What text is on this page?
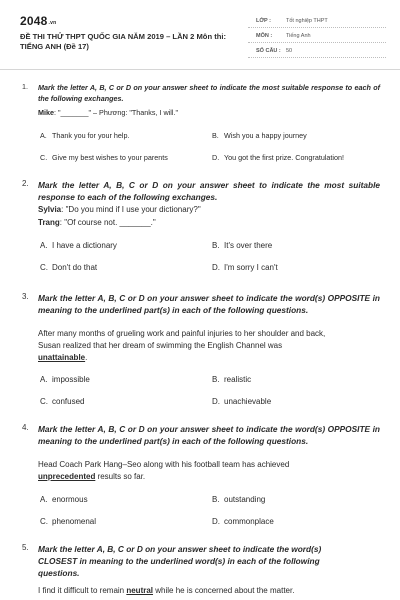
2048.vn
ĐỀ THI THỬ THPT QUỐC GIA NĂM 2019 – LẦN 2 Môn thi:
TIẾNG ANH (Đề 17)
LỚP :	Tốt nghiệp THPT
MÔN :	Tiếng Anh
SỐ CÂU : 50
1. Mark the letter A, B, C or D on your answer sheet to indicate the most suitable response to each of the following exchanges.
Mike: "_______" – Phương: "Thanks, I will."
A. Thank you for your help.	B. Wish you a happy journey
C. Give my best wishes to your parents	D. You got the first prize. Congratulation!
2. Mark the letter A, B, C or D on your answer sheet to indicate the most suitable response to each of the following exchanges.
Sylvia: "Do you mind if I use your dictionary?"
Trang: "Of course not. _______."
A. I have a dictionary	B. It's over there
C. Don't do that	D. I'm sorry I can't
3. Mark the letter A, B, C or D on your answer sheet to indicate the word(s) OPPOSITE in meaning to the underlined part(s) in each of the following questions.
After many months of grueling work and painful injuries to her shoulder and back,
Susan realized that her dream of swimming the English Channel was
unattainable.
A. impossible	B. realistic
C. confused	D. unachievable
4. Mark the letter A, B, C or D on your answer sheet to indicate the word(s) OPPOSITE in meaning to the underlined part(s) in each of the following questions.
Head Coach Park Hang–Seo along with his football team has achieved
unprecedented results so far.
A. enormous	B. outstanding
C. phenomenal	D. commonplace
5. Mark the letter A, B, C or D on your answer sheet to indicate the word(s) CLOSEST in meaning to the underlined word(s) in each of the following questions.
I find it difficult to remain neutral while he is concerned about the matter.
